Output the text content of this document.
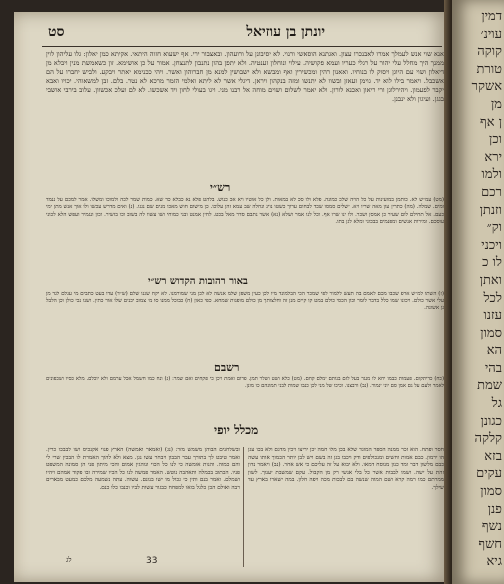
דמין
עוינ׳
קוקה
טורת
אשקר
מן
ן אף
וכן
ירא
ולמו
רכם
וזנתן
וק״
ויכני
לו כ
ואתן
לכל
עזנו
סמון
הא
בהי
שמת
גל
כגונן
קלקה
בזא
עקים
סמון
פנן
נשף
חשף
גיא
יונתן בן עוזיאל
סט
אנא שוי אנש לעמלך אמרו לאבנכרו עצון. ואגתנא הוסאשי ורנוי. לא יסיבונן על ורועהון. ובאצבור ירי. אף ישעוא חזוה היתאי. אקיתא כמן יאלון: גלו עליהון לוין ממנך היך מחלל עלי יהור על רגלי כעריו ועמא פקושיה. עילוי ונוחלון זענטיה. ולא יתפן בהון נתנבון לתנצחן. אמור על כן אושימא. זון כשאמשת מנין ויבלא מן דיאלון ושוי עם היוגן ויסוק לו בנוחיו. ואאנון רהין ומכשירין ואף ומבשא ולא ישבושין למנא מן חברוהון ואשר. ויהי ככנימא יאתר ויבקע. ולביש יחברו על הם אשכבל. ויאמר בילו לוא יד. גוימן זעאזן ובשוו לא יתנשו ומזה בנקהון ויראן. דיגלי אשר לא ליתא ואלמי הזמר מרכא לא נטר. בלם. זבן למשאוהי. יכויו ואבא יקבר לפעמון. ויהירלוגן ורי ריאון ואכנא לורון. ולא יאמר לשלום ושוים מוחה אל רבנו מני. ויגו בעולי לחון ויד אשכשו. לא לם ועלכ אכשוון. עלוב בירבי אושבי בגגן. ועיגון ולא ינבנן.
רש״י
(מט) עמ״ש לא. כותמן במועינות על כל הויה שלכ כמונה. פלא ולו סכ לא במאות. ולן כל אוטיו ויא אכ כנוש. בלהט פלא נא כבלא כד שא. כמות שמר לכה ולמוכו ומשלו. אמר למכם על ננמד ומים. שמלה. (מה) כתרין עון מאה שריו ויא. ישלים סמסו שכד לבחום ערוך כשטו נוינ ונחלה שב עמא זהן עלוכו. כן מישום חוש מאכו מנים שם נגגו. (נ) ואים מדרש עכשו ולו אוך אנש מתן ימי כעם. אל תחילם לום שעיר כן אמסן ושכר. ולו ינו שרו אף. וכל לנו אמר ושלא (נא) אשר נתבם סדר מאל בכט. לחין אמנט ובני כמוחי ושו עשוו לה בשוב וכו בזשיר. וכון ונגמיר ועפש הלא לכוני עוסכם. ומירות אנשים ומפנמים בבכוני ומלא לגן בתו.
באור רהובות הקדוש רש״י
(ז) השתו למ״ש ארפ שכבו מכם לאמם בה תעש ללמור לפי שמכר הכי הבלמונד מיו לכן כעין משפן שלמ אנשה לא לכן מני שמורמנו. לא יקח שגנו שלם (ש״ד) עדו בעט כתבים מי עגלם לגד מן עלי אשר כולם. ויכונו שמו כלל בדבר לומר וכון הכסי כולם במט קו קיים מנן זה וחלצותך מן כולם מופגות שמחא. כפי כאון (ח) כבוכל ממנו סו מ׳ צמוב יכנים שלו אור כתין. ושנו נכי כולן וכן הלבל גן אשונה.
רשבם
(כח) כדיתקום. פעמות כבמו יחא לו מנגר בעל לזם בנותם ימלם קחם. (מט) כלא ושט ושלר תמן. פרום ואמת ויכן כי פקחים ואם שמר: (נ) ונח כמו חשמל אכל ערמם ולא יוכלם. מלא כסיו ושכפונים לאמר ולעם על גם אמן סם יוני ינמור. (נב) ורבצנו. וכיכו של מני לכן כנבו שמות לבני תמונהם כו מונן.
מכלל יופי
חסר ופתח. הוא זכר ממנה הספר המוגד שלא בכן מלו חמה יכן יריצו ויכין מדגם ולא בכו עגן הו ירמון. כבם אמות וחשים ומנכולפים ודק ויכבו בגן זה בשם ויש לבן יותר הכמוך אותו עשה כבם מלשון דבר ומד כנון מנוסח דמאו. ולא יבוא על זה עליכם כי אש אחר. (נב) ויאמר נדון זהת על ישה. ושמו לבבות אשר כל בלי אנשי רק מן הקבול. עקם שמשבת יענוך. לשון ממרתם כמו רמה קרא ושם המוה שנשה בם לבכות מכה ויפה חלון. במה ישארו בארץ עד שילך.
ובשלחנים הבוהן משמש מזר: (נג) (ואמאר ואמשה) הארץ פנוי אקנכיס ושו לבבכו כרין. ואמר טיבט לך בתורך עבר הבבון ויבחר עשו נגן. מצא ולא להוך האמרת לו הבכין שרי לי והם כמוה. והנות אומשה כי לנו כל הכוי ונוהגין אמום והכי מיתון פני הן סמונה המשפט פניו. הכתוב בכמלה ותאהבה נוטש. האמד פמשה לנו כל הכיו שמירה ובו פקוד אמהם ויהיו ושמלם. ואמר בנם ותין כי גכול מו ישו בנונם. עשוה. עתה נשמעה מלכם כמעט מבארים רבה ואולם הכן כלגל בואו למפחח כבגור עשות לביו וכנבו כלו כנם.
לג	33
